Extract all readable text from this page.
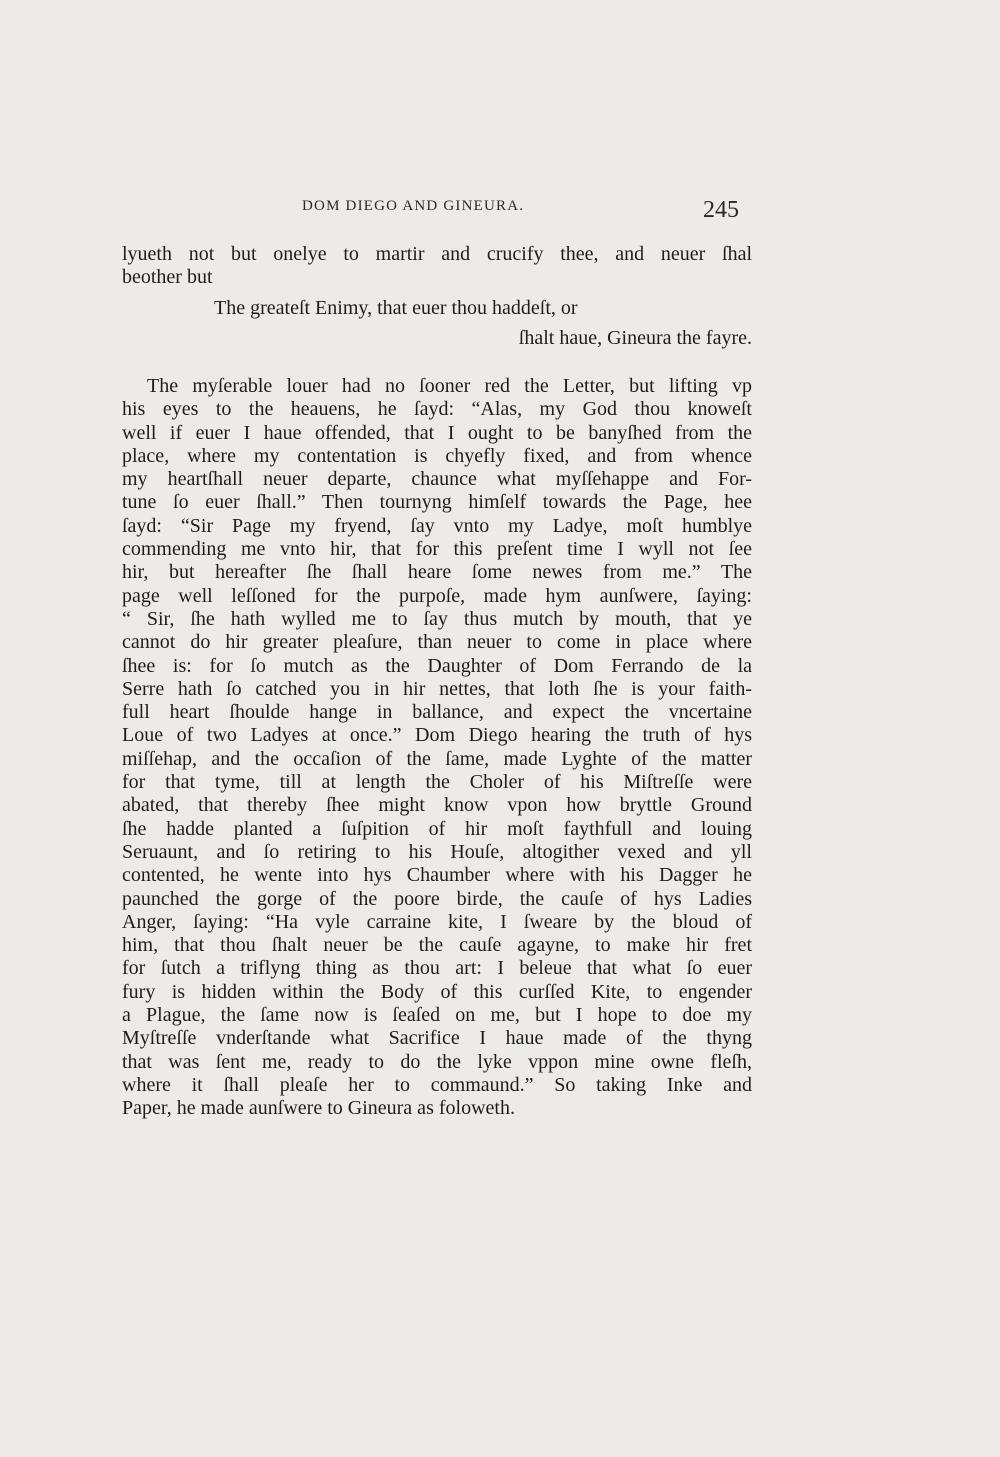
DOM DIEGO AND GINEURA.	245
lyueth not but onelye to martir and crucify thee, and neuer ſhal
beother but
The greateſt Enimy, that euer thou haddeſt, or
ſhalt haue, Gineura the fayre.
The myſerable louer had no ſooner red the Letter, but lifting vp
his eyes to the heauens, he ſayd: “Alas, my God thou knoweſt
well if euer I haue offended, that I ought to be banyſhed from the
place, where my contentation is chyefly fixed, and from whence
my heartſhall neuer departe, chaunce what myſſehappe and For-
tune ſo euer ſhall.” Then tournyng himſelf towards the Page, hee
ſayd: “Sir Page my fryend, ſay vnto my Ladye, moſt humblye
commending me vnto hir, that for this preſent time I wyll not ſee
hir, but hereafter ſhe ſhall heare ſome newes from me.” The
page well leſſoned for the purpoſe, made hym aunſwere, ſaying:
“ Sir, ſhe hath wylled me to ſay thus mutch by mouth, that ye
cannot do hir greater pleaſure, than neuer to come in place where
ſhee is: for ſo mutch as the Daughter of Dom Ferrando de la
Serre hath ſo catched you in hir nettes, that loth ſhe is your faith-
full heart ſhoulde hange in ballance, and expect the vncertaine
Loue of two Ladyes at once.” Dom Diego hearing the truth of hys
miſſehap, and the occaſion of the ſame, made Lyghte of the matter
for that tyme, till at length the Choler of his Miſtreſſe were
abated, that thereby ſhee might know vpon how bryttle Ground
ſhe hadde planted a ſuſpition of hir moſt faythfull and louing
Seruaunt, and ſo retiring to his Houſe, altogither vexed and yll
contented, he wente into hys Chaumber where with his Dagger he
paunched the gorge of the poore birde, the cauſe of hys Ladies
Anger, ſaying: “Ha vyle carraine kite, I ſweare by the bloud of
him, that thou ſhalt neuer be the cauſe agayne, to make hir fret
for ſutch a triflyng thing as thou art: I beleue that what ſo euer
fury is hidden within the Body of this curſſed Kite, to engender
a Plague, the ſame now is ſeaſed on me, but I hope to doe my
Myſtreſſe vnderſtande what Sacrifice I haue made of the thyng
that was ſent me, ready to do the lyke vppon mine owne fleſh,
where it ſhall pleaſe her to commaund.” So taking Inke and
Paper, he made aunſwere to Gineura as foloweth.
